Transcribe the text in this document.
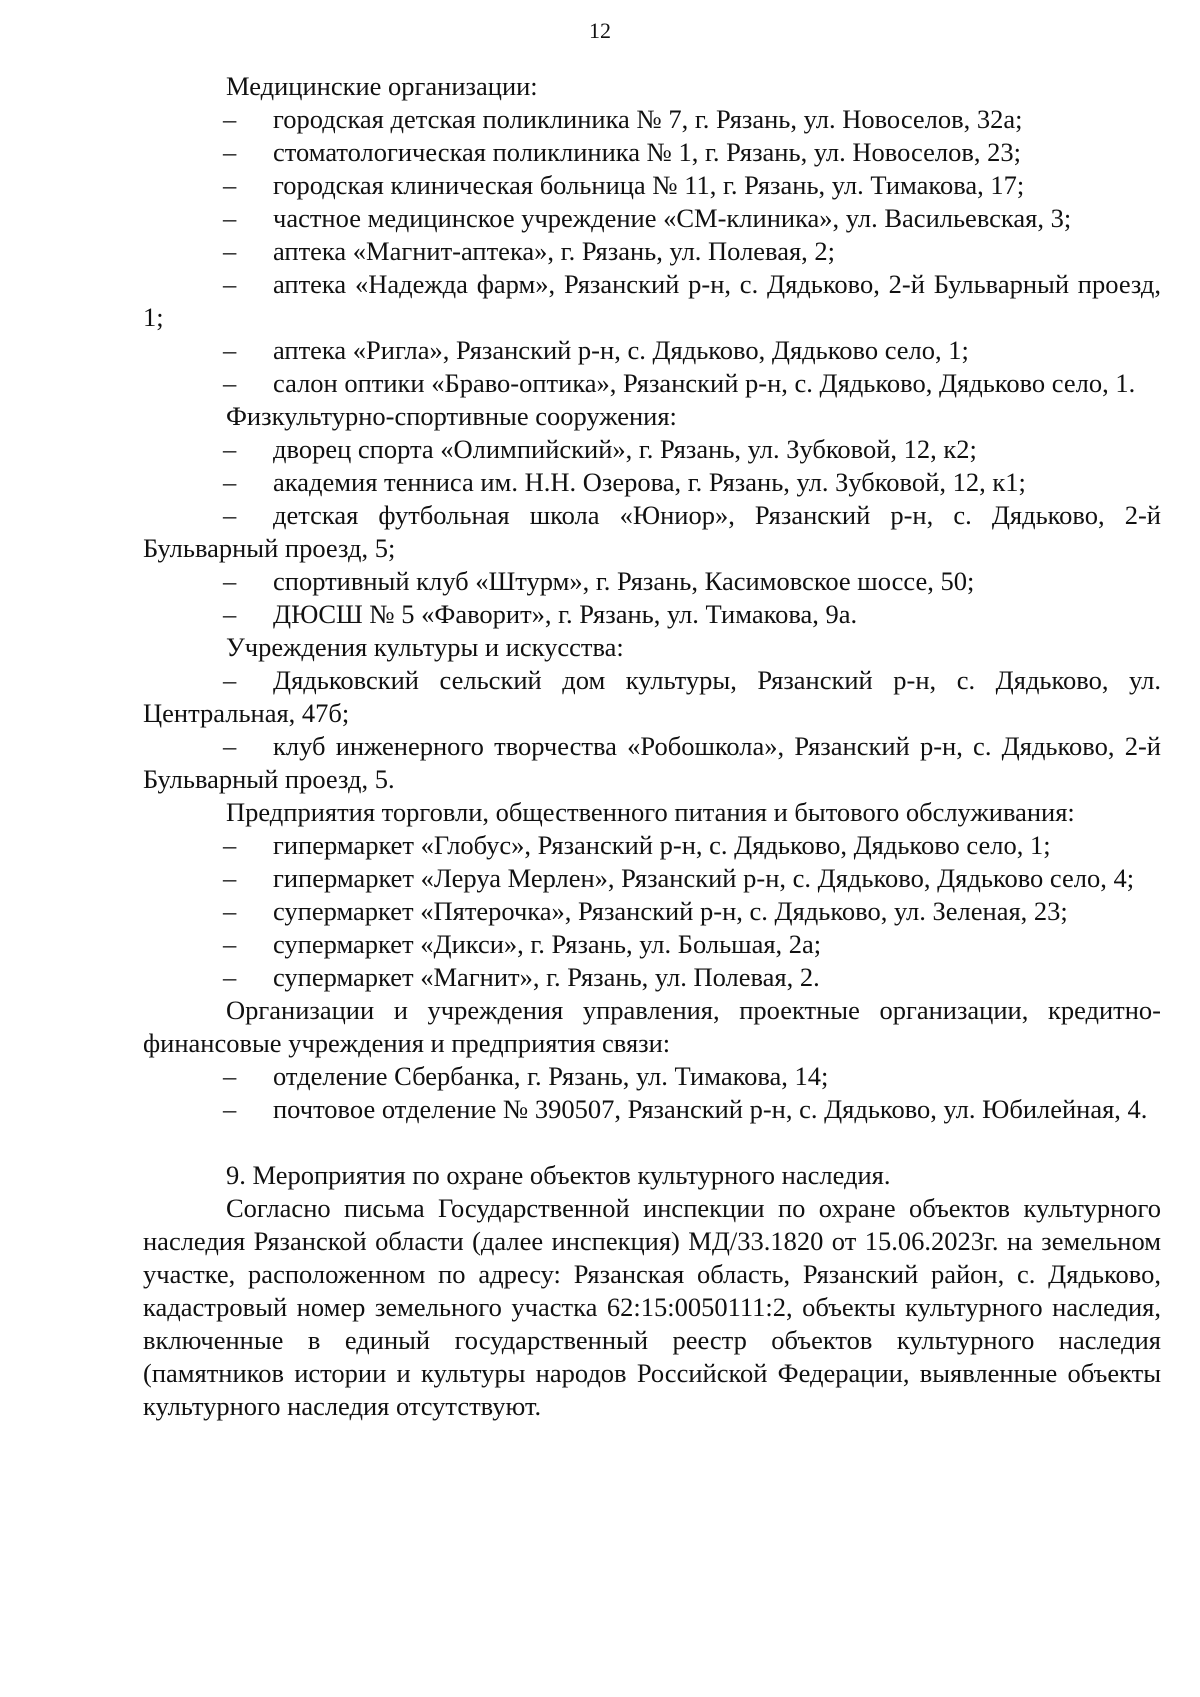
12

Медицинские организации:

– городская детская поликлиника № 7, г. Рязань, ул. Новоселов, 32а;

– стоматологическая поликлиника № 1, г. Рязань, ул. Новоселов, 23;

– городская клиническая больница № 11, г. Рязань, ул. Тимакова, 17;

– частное медицинское учреждение «СМ-клиника», ул. Васильевская, 3;

– аптека «Магнит-аптека», г. Рязань, ул. Полевая, 2;

– аптека «Надежда фарм», Рязанский р-н, с. Дядьково, 2-й Бульварный проезд, 1;

– аптека «Ригла», Рязанский р-н, с. Дядьково, Дядьково село, 1;

– салон оптики «Браво-оптика», Рязанский р-н, с. Дядьково, Дядьково село, 1.

Физкультурно-спортивные сооружения:

– дворец спорта «Олимпийский», г. Рязань, ул. Зубковой, 12, к2;

– академия тенниса им. Н.Н. Озерова, г. Рязань, ул. Зубковой, 12, к1;

– детская футбольная школа «Юниор», Рязанский р-н, с. Дядьково, 2-й Бульварный проезд, 5;

– спортивный клуб «Штурм», г. Рязань, Касимовское шоссе, 50;

– ДЮСШ № 5 «Фаворит», г. Рязань, ул. Тимакова, 9а.

Учреждения культуры и искусства:

– Дядьковский сельский дом культуры, Рязанский р-н, с. Дядьково, ул. Центральная, 47б;

– клуб инженерного творчества «Робошкола», Рязанский р-н, с. Дядьково, 2-й Бульварный проезд, 5.

Предприятия торговли, общественного питания и бытового обслуживания:

– гипермаркет «Глобус», Рязанский р-н, с. Дядьково, Дядьково село, 1;

– гипермаркет «Леруа Мерлен», Рязанский р-н, с. Дядьково, Дядьково село, 4;

– супермаркет «Пятерочка», Рязанский р-н, с. Дядьково, ул. Зеленая, 23;

– супермаркет «Дикси», г. Рязань, ул. Большая, 2а;

– супермаркет «Магнит», г. Рязань, ул. Полевая, 2.

Организации и учреждения управления, проектные организации, кредитно-финансовые учреждения и предприятия связи:

– отделение Сбербанка, г. Рязань, ул. Тимакова, 14;

– почтовое отделение № 390507, Рязанский р-н, с. Дядьково, ул. Юбилейная, 4.

9. Мероприятия по охране объектов культурного наследия.

Согласно письма Государственной инспекции по охране объектов культурного наследия Рязанской области (далее инспекция) МД/33.1820 от 15.06.2023г. на земельном участке, расположенном по адресу: Рязанская область, Рязанский район, с. Дядьково, кадастровый номер земельного участка 62:15:0050111:2, объекты культурного наследия, включенные в единый государственный реестр объектов культурного наследия (памятников истории и культуры народов Российской Федерации, выявленные объекты культурного наследия отсутствуют.
